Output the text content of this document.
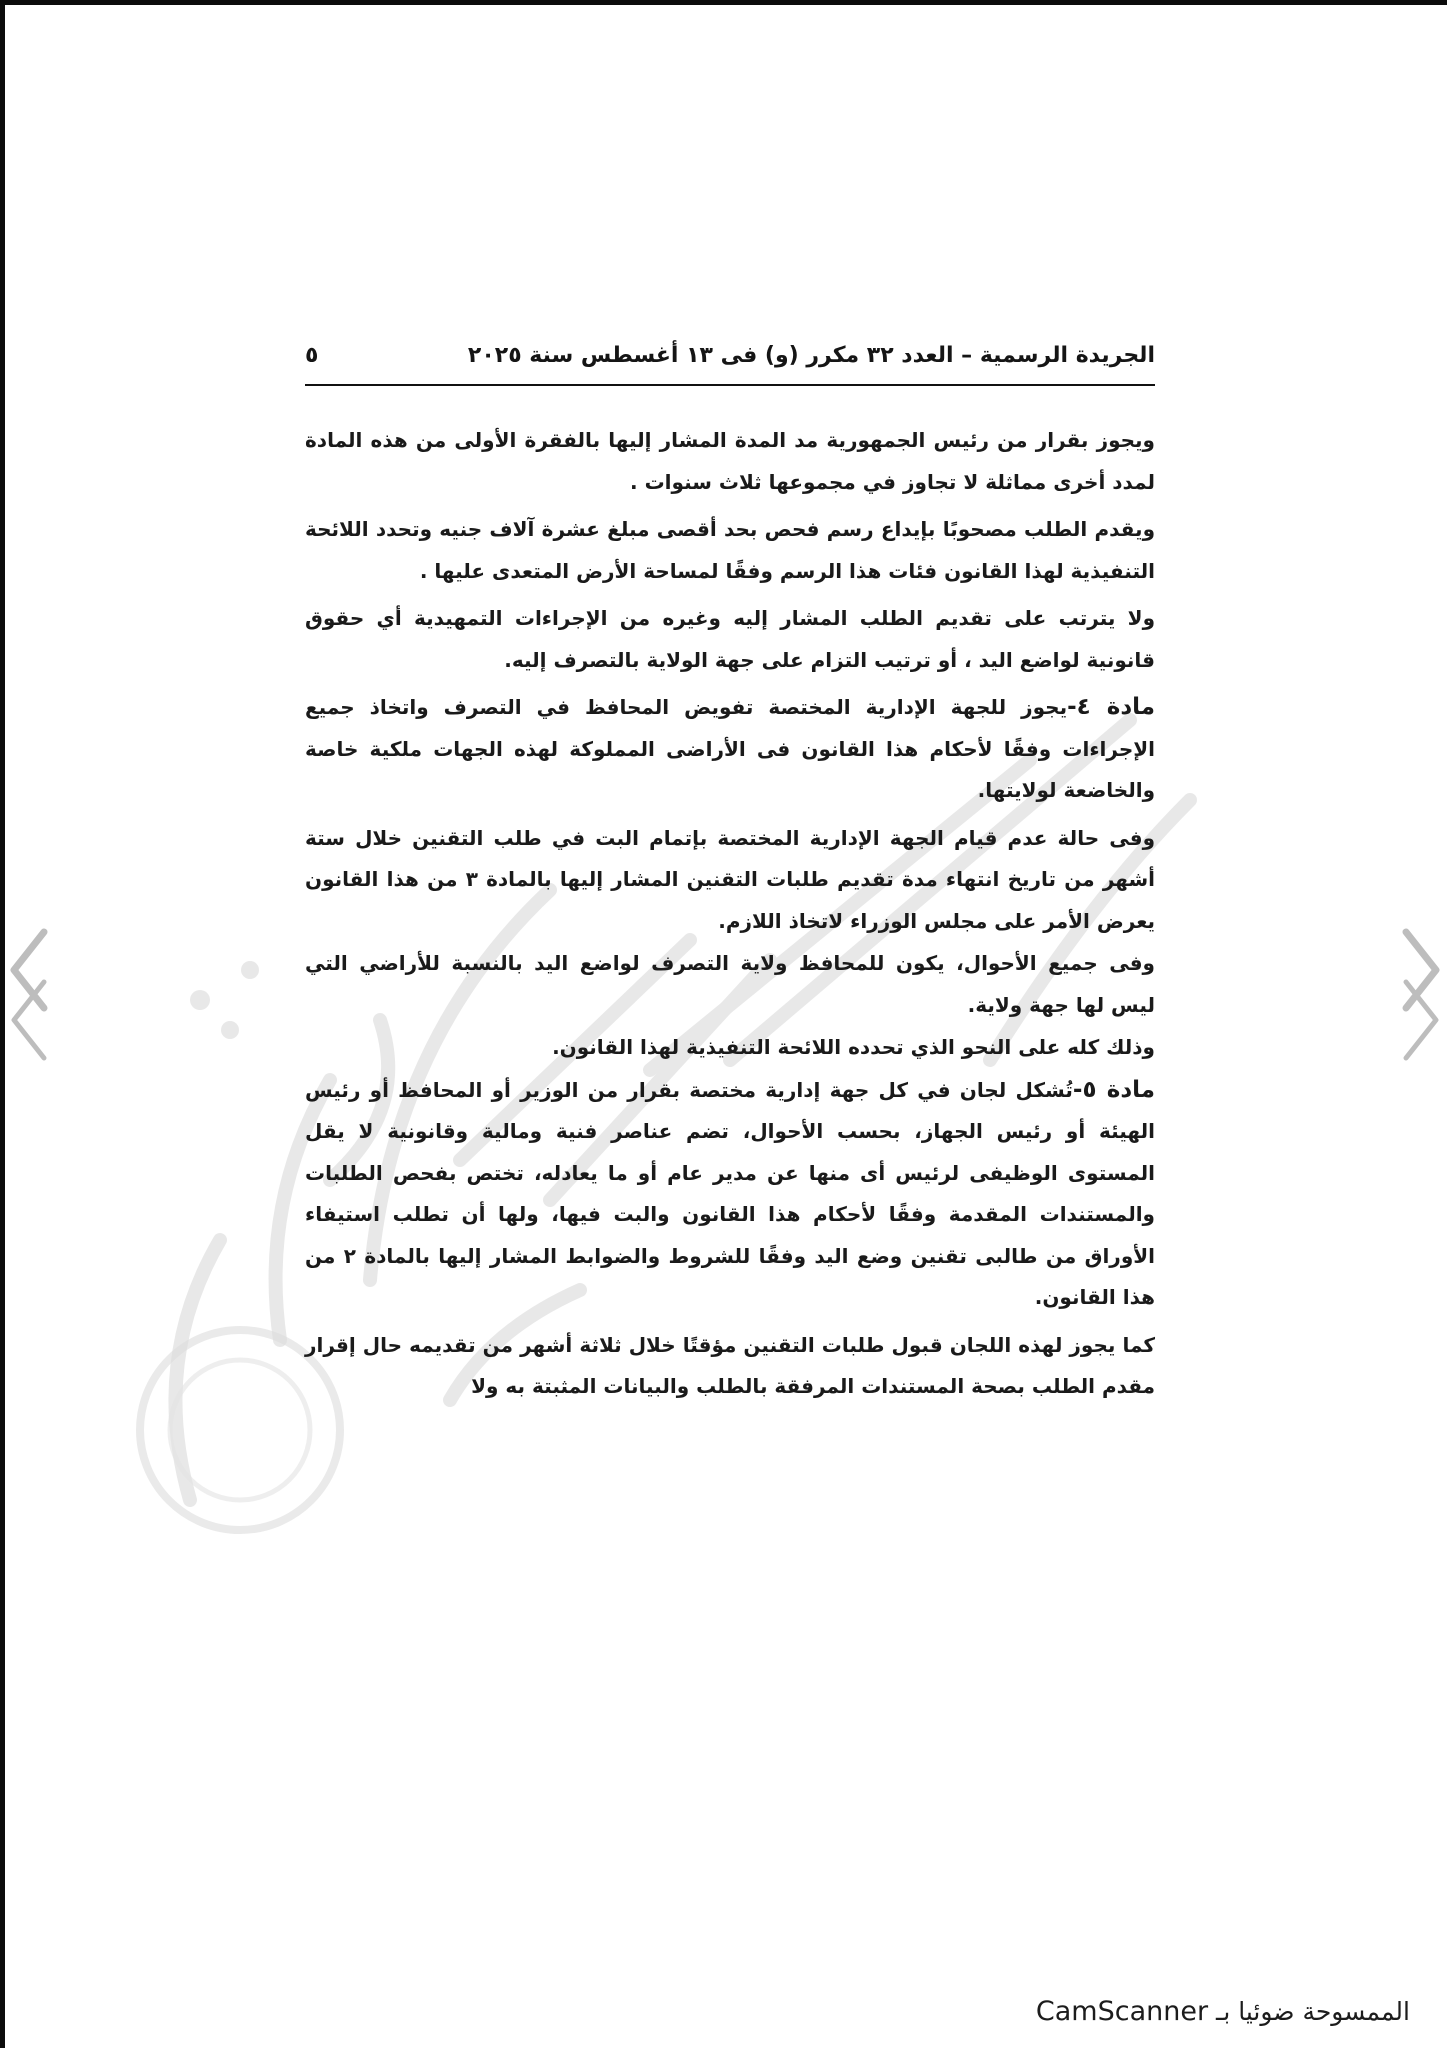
الجريدة الرسمية – العدد ٣٢ مكرر (و) فى ١٣ أغسطس سنة ٢٠٢٥
٥

ويجوز بقرار من رئيس الجمهورية مد المدة المشار إليها بالفقرة الأولى من هذه المادة لمدد أخرى مماثلة لا تجاوز في مجموعها ثلاث سنوات .

ويقدم الطلب مصحوبًا بإيداع رسم فحص بحد أقصى مبلغ عشرة آلاف جنيه وتحدد اللائحة التنفيذية لهذا القانون فئات هذا الرسم وفقًا لمساحة الأرض المتعدى عليها .

ولا يترتب على تقديم الطلب المشار إليه وغيره من الإجراءات التمهيدية أي حقوق قانونية لواضع اليد ، أو ترتيب التزام على جهة الولاية بالتصرف إليه.

مادة ٤-يجوز للجهة الإدارية المختصة تفويض المحافظ في التصرف واتخاذ جميع الإجراءات وفقًا لأحكام هذا القانون فى الأراضى المملوكة لهذه الجهات ملكية خاصة والخاضعة لولايتها.

وفى حالة عدم قيام الجهة الإدارية المختصة بإتمام البت في طلب التقنين خلال ستة أشهر من تاريخ انتهاء مدة تقديم طلبات التقنين المشار إليها بالمادة ٣ من هذا القانون يعرض الأمر على مجلس الوزراء لاتخاذ اللازم.

وفى جميع الأحوال، يكون للمحافظ ولاية التصرف لواضع اليد بالنسبة للأراضي التي ليس لها جهة ولاية.

وذلك كله على النحو الذي تحدده اللائحة التنفيذية لهذا القانون.

مادة ٥-تُشكل لجان في كل جهة إدارية مختصة بقرار من الوزير أو المحافظ أو رئيس الهيئة أو رئيس الجهاز، بحسب الأحوال، تضم عناصر فنية ومالية وقانونية لا يقل المستوى الوظيفى لرئيس أى منها عن مدير عام أو ما يعادله، تختص بفحص الطلبات والمستندات المقدمة وفقًا لأحكام هذا القانون والبت فيها، ولها أن تطلب استيفاء الأوراق من طالبى تقنين وضع اليد وفقًا للشروط والضوابط المشار إليها بالمادة ٢ من هذا القانون.

كما يجوز لهذه اللجان قبول طلبات التقنين مؤقتًا خلال ثلاثة أشهر من تقديمه حال إقرار مقدم الطلب بصحة المستندات المرفقة بالطلب والبيانات المثبتة به ولا

الممسوحة ضوئيا بـ CamScanner
